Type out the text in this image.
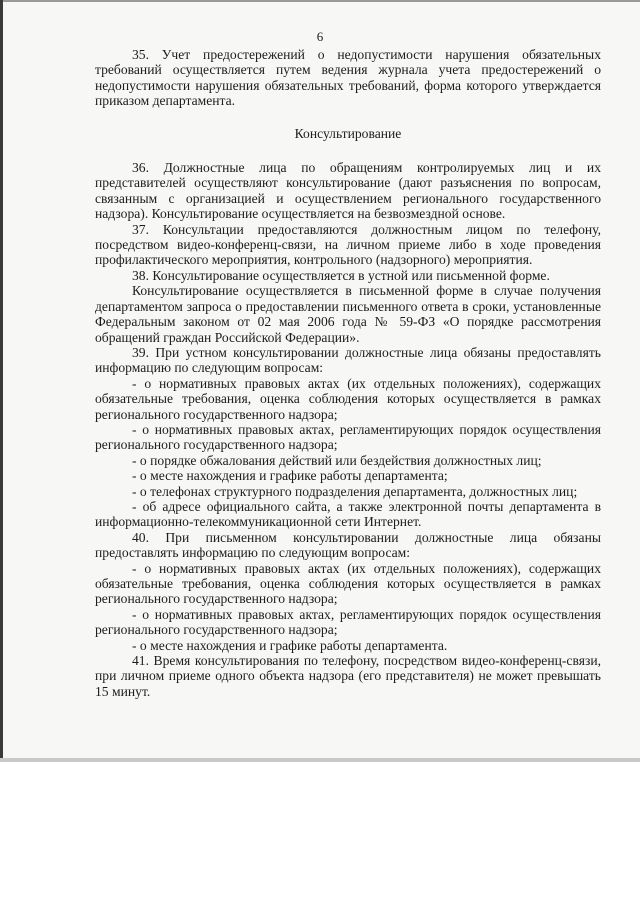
6

35. Учет предостережений о недопустимости нарушения обязательных требований осуществляется путем ведения журнала учета предостережений о недопустимости нарушения обязательных требований, форма которого утверждается приказом департамента.

Консультирование

36. Должностные лица по обращениям контролируемых лиц и их представителей осуществляют консультирование (дают разъяснения по вопросам, связанным с организацией и осуществлением регионального государственного надзора). Консультирование осуществляется на безвозмездной основе.

37. Консультации предоставляются должностным лицом по телефону, посредством видео-конференц-связи, на личном приеме либо в ходе проведения профилактического мероприятия, контрольного (надзорного) мероприятия.

38. Консультирование осуществляется в устной или письменной форме.

Консультирование осуществляется в письменной форме в случае получения департаментом запроса о предоставлении письменного ответа в сроки, установленные Федеральным законом от 02 мая 2006 года № 59-ФЗ «О порядке рассмотрения обращений граждан Российской Федерации».

39. При устном консультировании должностные лица обязаны предоставлять информацию по следующим вопросам:

- о нормативных правовых актах (их отдельных положениях), содержащих обязательные требования, оценка соблюдения которых осуществляется в рамках регионального государственного надзора;

- о нормативных правовых актах, регламентирующих порядок осуществления регионального государственного надзора;

- о порядке обжалования действий или бездействия должностных лиц;

- о месте нахождения и графике работы департамента;

- о телефонах структурного подразделения департамента, должностных лиц;

- об адресе официального сайта, а также электронной почты департамента в информационно-телекоммуникационной сети Интернет.

40. При письменном консультировании должностные лица обязаны предоставлять информацию по следующим вопросам:

- о нормативных правовых актах (их отдельных положениях), содержащих обязательные требования, оценка соблюдения которых осуществляется в рамках регионального государственного надзора;

- о нормативных правовых актах, регламентирующих порядок осуществления регионального государственного надзора;

- о месте нахождения и графике работы департамента.

41. Время консультирования по телефону, посредством видео-конференц-связи, при личном приеме одного объекта надзора (его представителя) не может превышать 15 минут.
